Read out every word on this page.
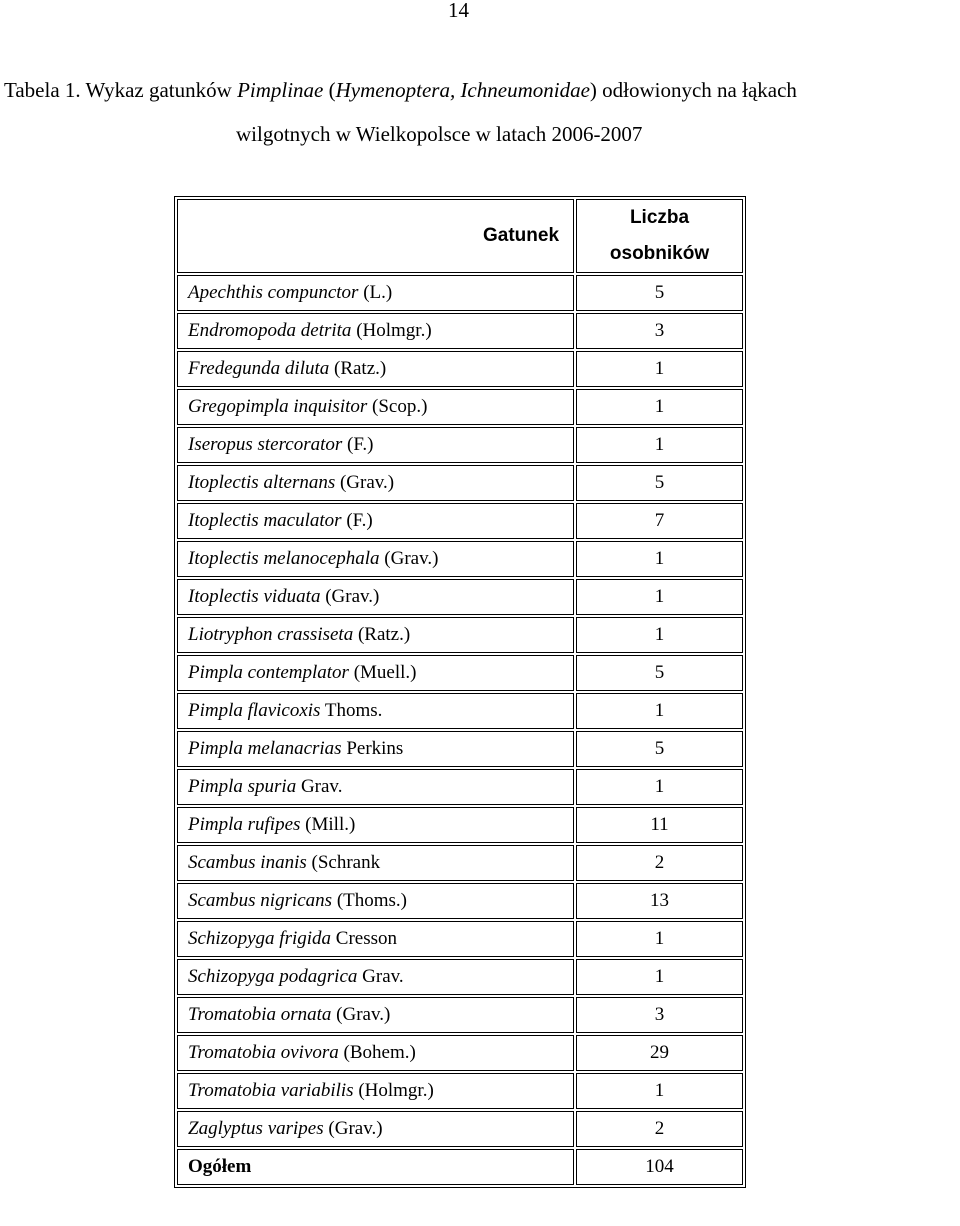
14
Tabela 1. Wykaz gatunków Pimplinae (Hymenoptera, Ichneumonidae) odłowionych na łąkach
wilgotnych w Wielkopolsce w latach 2006-2007
Gatunek	Liczba
osobników
Apechthis compunctor (L.)	5
Endromopoda detrita (Holmgr.)	3
Fredegunda diluta (Ratz.)	1
Gregopimpla inquisitor (Scop.)	1
Iseropus stercorator (F.)	1
Itoplectis alternans (Grav.)	5
Itoplectis maculator (F.)	7
Itoplectis melanocephala (Grav.)	1
Itoplectis viduata (Grav.)	1
Liotryphon crassiseta (Ratz.)	1
Pimpla contemplator (Muell.)	5
Pimpla flavicoxis Thoms.	1
Pimpla melanacrias Perkins	5
Pimpla spuria Grav.	1
Pimpla rufipes (Mill.)	11
Scambus inanis (Schrank	2
Scambus nigricans (Thoms.)	13
Schizopyga frigida Cresson	1
Schizopyga podagrica Grav.	1
Tromatobia ornata (Grav.)	3
Tromatobia ovivora (Bohem.)	29
Tromatobia variabilis (Holmgr.)	1
Zaglyptus varipes (Grav.)	2
Ogółem	104
